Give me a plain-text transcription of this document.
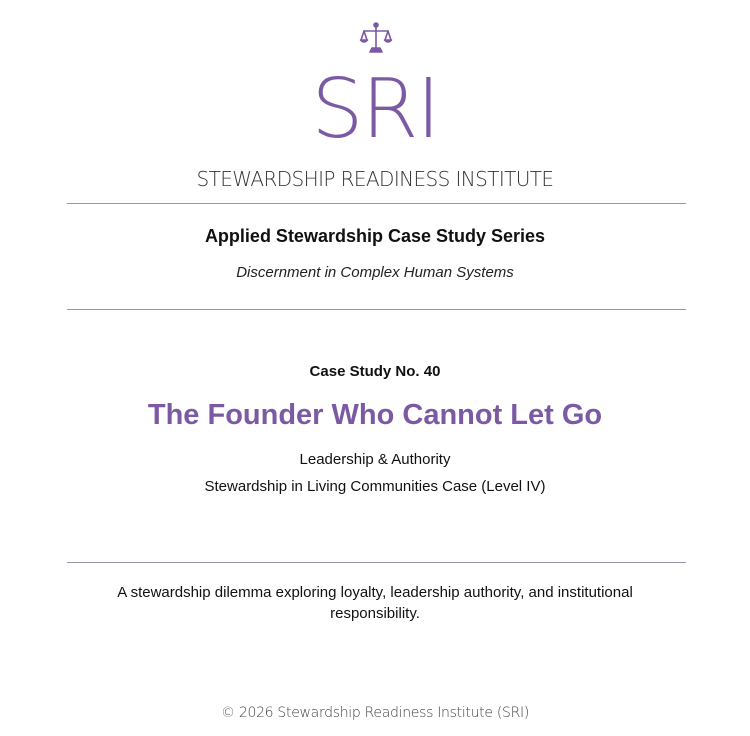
SRI
STEWARDSHIP READINESS INSTITUTE
Applied Stewardship Case Study Series
Discernment in Complex Human Systems
Case Study No. 40
The Founder Who Cannot Let Go
Leadership & Authority
Stewardship in Living Communities Case (Level IV)
A stewardship dilemma exploring loyalty, leadership authority, and institutional responsibility.
© 2026 Stewardship Readiness Institute (SRI)
